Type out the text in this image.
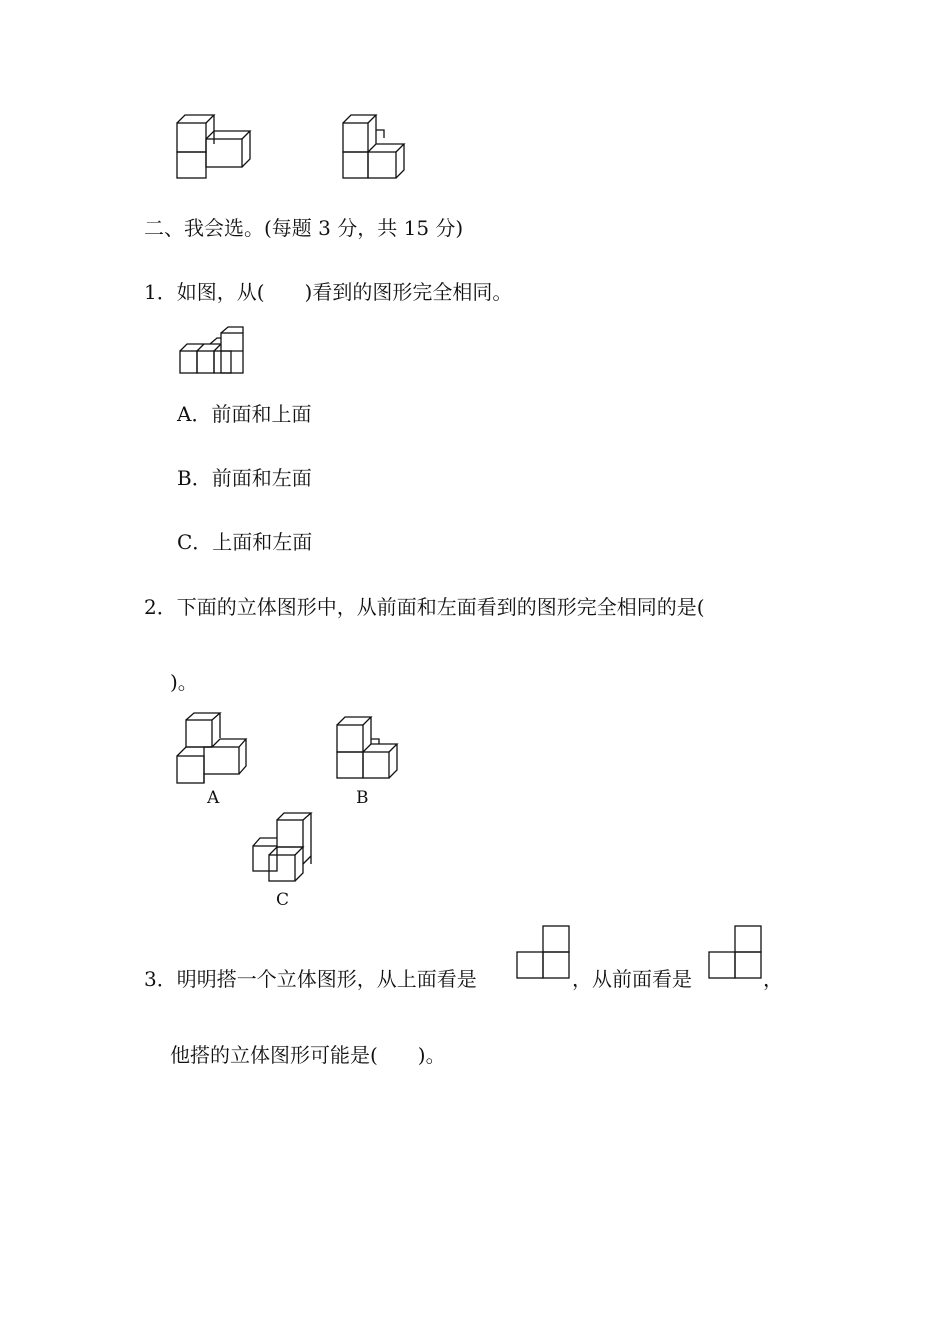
二、我会选。(每题 3 分，共 15 分)
1．如图，从(　　)看到的图形完全相同。
A．前面和上面
B．前面和左面
C．上面和左面
2．下面的立体图形中，从前面和左面看到的图形完全相同的是(
)。
A	B
C
3．明明搭一个立体图形，从上面看是	，从前面看是	，
他搭的立体图形可能是(　　)。
